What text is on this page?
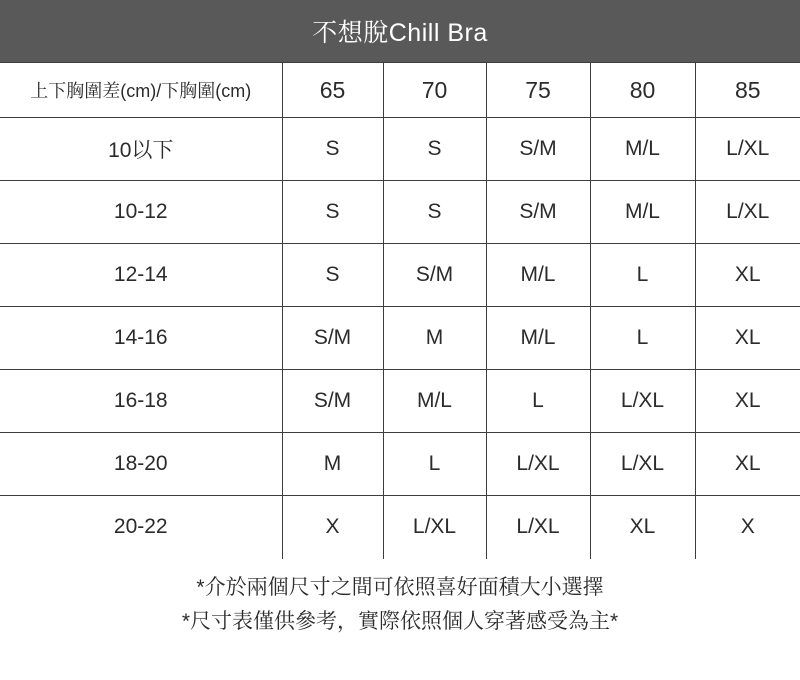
不想脫Chill Bra
上下胸圍差(cm)/下胸圍(cm)	65	70	75	80	85
10以下	S	S	S/M	M/L	L/XL
10-12	S	S	S/M	M/L	L/XL
12-14	S	S/M	M/L	L	XL
14-16	S/M	M	M/L	L	XL
16-18	S/M	M/L	L	L/XL	XL
18-20	M	L	L/XL	L/XL	XL
20-22	X	L/XL	L/XL	XL	X
*介於兩個尺寸之間可依照喜好面積大小選擇
*尺寸表僅供參考，實際依照個人穿著感受為主*
